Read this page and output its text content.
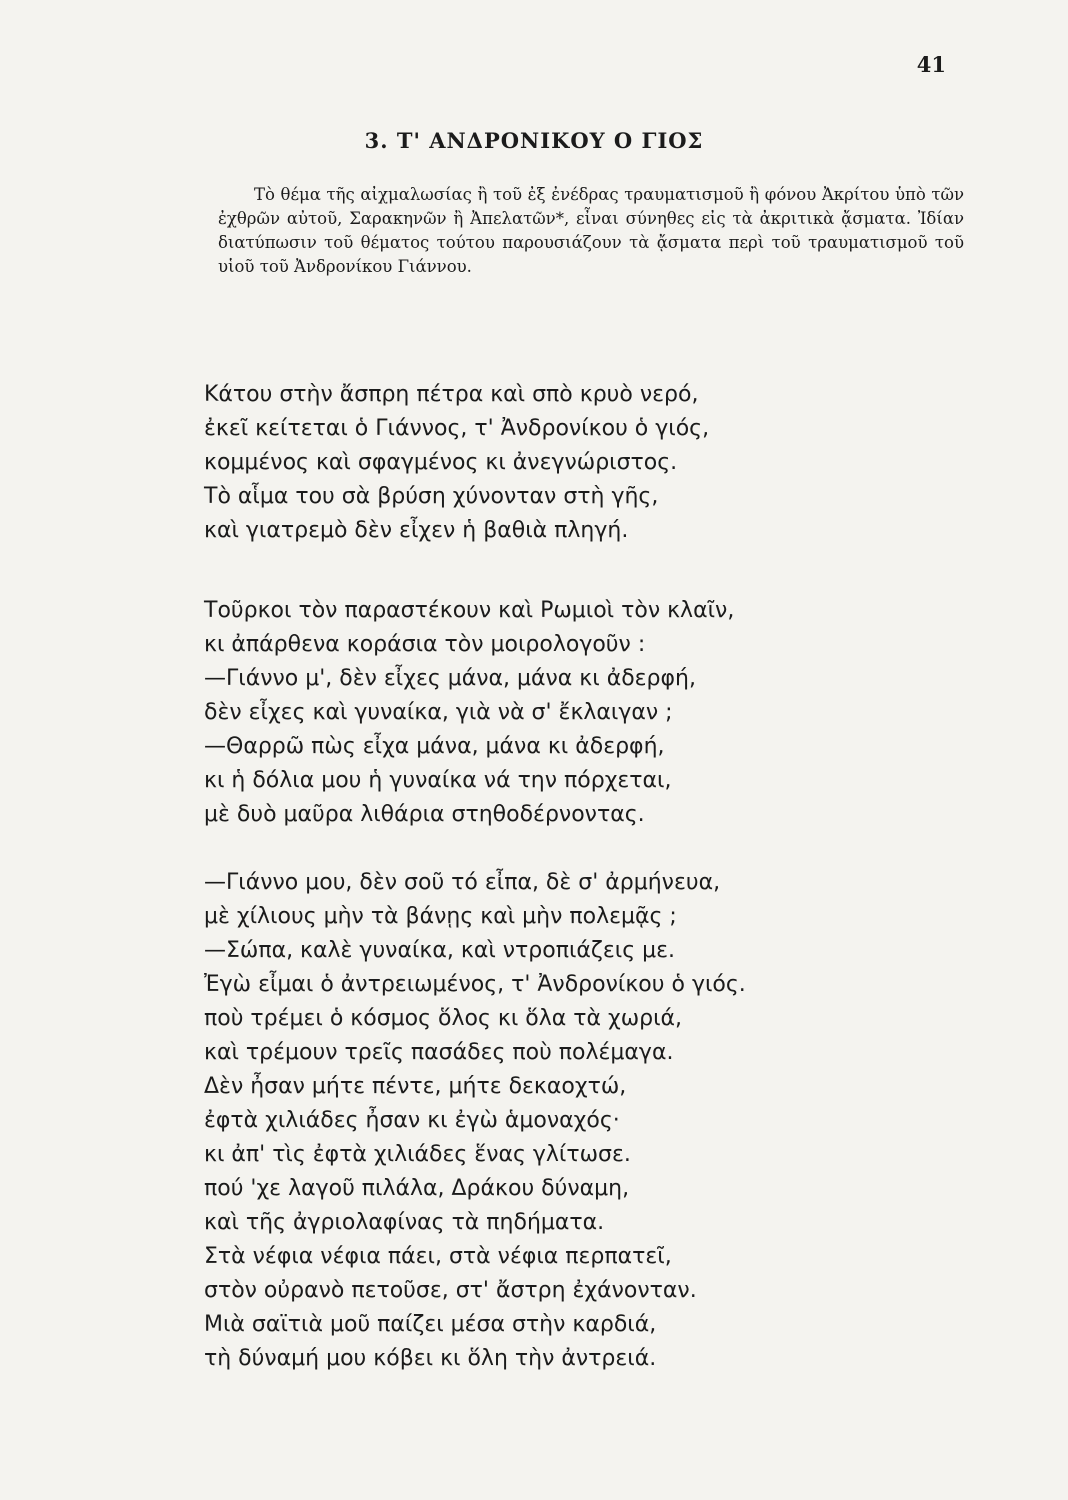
41
3. Τ' ΑΝΔΡΟΝΙΚΟΥ Ο ΓΙΟΣ

Τὸ θέμα τῆς αἰχμαλωσίας ἢ τοῦ ἐξ ἐνέδρας τραυματισμοῦ ἢ φόνου Ἀκρίτου ὑπὸ τῶν ἐχθρῶν αὐτοῦ, Σαρακηνῶν ἢ Ἀπελατῶν*, εἶναι σύνηθες εἰς τὰ ἀκριτικὰ ᾄσματα. Ἰδίαν διατύπωσιν τοῦ θέματος τούτου παρουσιάζουν τὰ ᾄσματα περὶ τοῦ τραυματισμοῦ τοῦ υἱοῦ τοῦ Ἀνδρονίκου Γιάννου.

Κάτου στὴν ἄσπρη πέτρα καὶ σπὸ κρυὸ νερό,
ἐκεῖ κείτεται ὁ Γιάννος, τ' Ἀνδρονίκου ὁ γιός,
κομμένος καὶ σφαγμένος κι ἀνεγνώριστος.
Τὸ αἷμα του σὰ βρύση χύνονταν στὴ γῆς,
καὶ γιατρεμὸ δὲν εἶχεν ἡ βαθιὰ πληγή.
Τοῦρκοι τὸν παραστέκουν καὶ Ρωμιοὶ τὸν κλαῖν,
κι ἀπάρθενα κοράσια τὸν μοιρολογοῦν :
—Γιάννο μ', δὲν εἶχες μάνα, μάνα κι ἀδερφή,
δὲν εἶχες καὶ γυναίκα, γιὰ νὰ σ' ἔκλαιγαν ;
—Θαρρῶ πὼς εἶχα μάνα, μάνα κι ἀδερφή,
κι ἡ δόλια μου ἡ γυναίκα νά την πόρχεται,
μὲ δυὸ μαῦρα λιθάρια στηθοδέρνοντας.
—Γιάννο μου, δὲν σοῦ τό εἶπα, δὲ σ' ἀρμήνευα,
μὲ χίλιους μὴν τὰ βάνῃς καὶ μὴν πολεμᾷς ;
—Σώπα, καλὲ γυναίκα, καὶ ντροπιάζεις με.
Ἐγὼ εἶμαι ὁ ἀντρειωμένος, τ' Ἀνδρονίκου ὁ γιός.
ποὺ τρέμει ὁ κόσμος ὅλος κι ὅλα τὰ χωριά,
καὶ τρέμουν τρεῖς πασάδες ποὺ πολέμαγα.
Δὲν ἦσαν μήτε πέντε, μήτε δεκαοχτώ,
ἐφτὰ χιλιάδες ἦσαν κι ἐγὼ ἁμοναχός·
κι ἀπ' τὶς ἐφτὰ χιλιάδες ἕνας γλίτωσε.
πού 'χε λαγοῦ πιλάλα, Δράκου δύναμη,
καὶ τῆς ἀγριολαφίνας τὰ πηδήματα.
Στὰ νέφια νέφια πάει, στὰ νέφια περπατεῖ,
στὸν οὐρανὸ πετοῦσε, στ' ἄστρη ἐχάνονταν.
Μιὰ σαϊτιὰ μοῦ παίζει μέσα στὴν καρδιά,
τὴ δύναμή μου κόβει κι ὅλη τὴν ἀντρειά.
